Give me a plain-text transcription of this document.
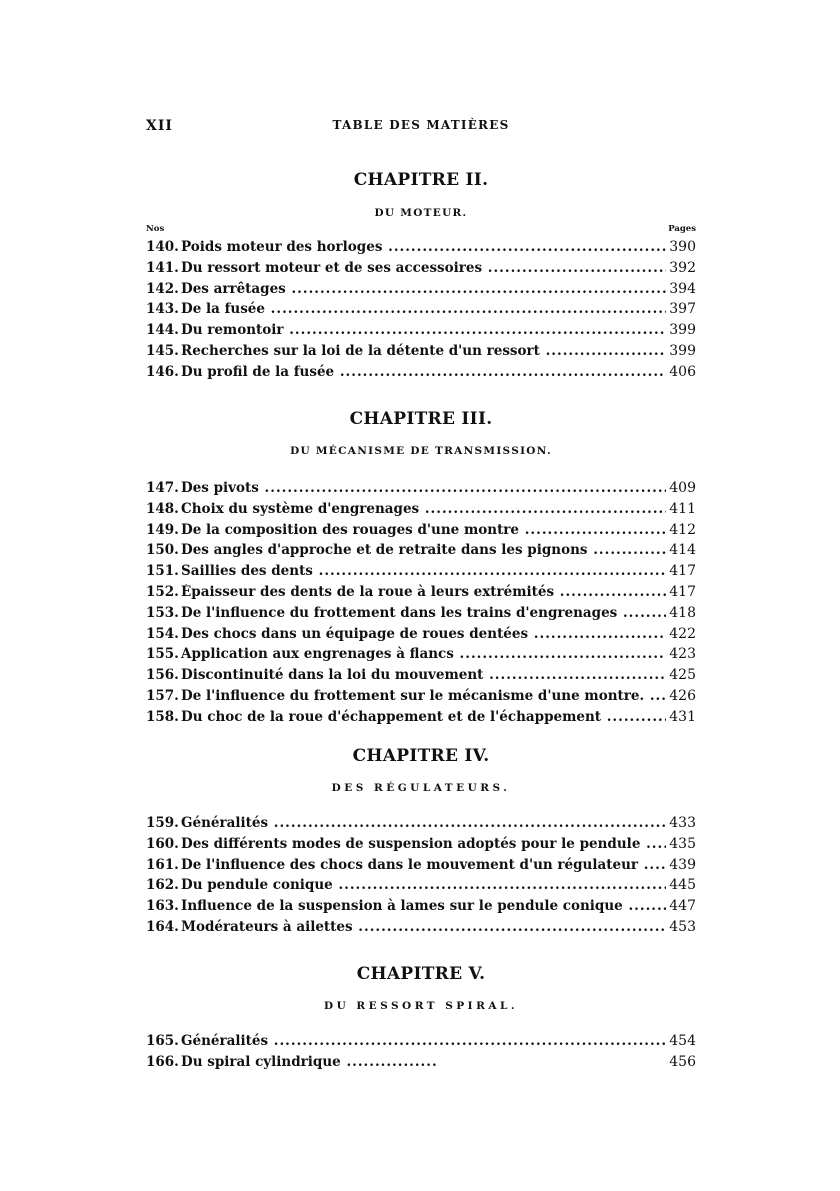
XII	TABLE DES MATIÈRES
CHAPITRE II.
DU MOTEUR.
Nos	Pages
140. Poids moteur des horloges .....	390
141. Du ressort moteur et de ses accessoires .....	392
142. Des arrêtages .....	394
143. De la fusée .....	397
144. Du remontoir .....	399
145. Recherches sur la loi de la détente d'un ressort .....	399
146. Du profil de la fusée .....	406
CHAPITRE III.
DU MÉCANISME DE TRANSMISSION.
147. Des pivots .....	409
148. Choix du système d'engrenages .....	411
149. De la composition des rouages d'une montre .....	412
150. Des angles d'approche et de retraite dans les pignons .....	414
151. Saillies des dents .....	417
152. Épaisseur des dents de la roue à leurs extrémités .....	417
153. De l'influence du frottement dans les trains d'engrenages .....	418
154. Des chocs dans un équipage de roues dentées .....	422
155. Application aux engrenages à flancs .....	423
156. Discontinuité dans la loi du mouvement .....	425
157. De l'influence du frottement sur le mécanisme d'une montre. .....	426
158. Du choc de la roue d'échappement et de l'échappement .....	431
CHAPITRE IV.
DES RÉGULATEURS.
159. Généralités .....	433
160. Des différents modes de suspension adoptés pour le pendule .....	435
161. De l'influence des chocs dans le mouvement d'un régulateur .....	439
162. Du pendule conique .....	445
163. Influence de la suspension à lames sur le pendule conique .....	447
164. Modérateurs à ailettes .....	453
CHAPITRE V.
DU RESSORT SPIRAL.
165. Généralités .....	454
166. Du spiral cylindrique .....	456
